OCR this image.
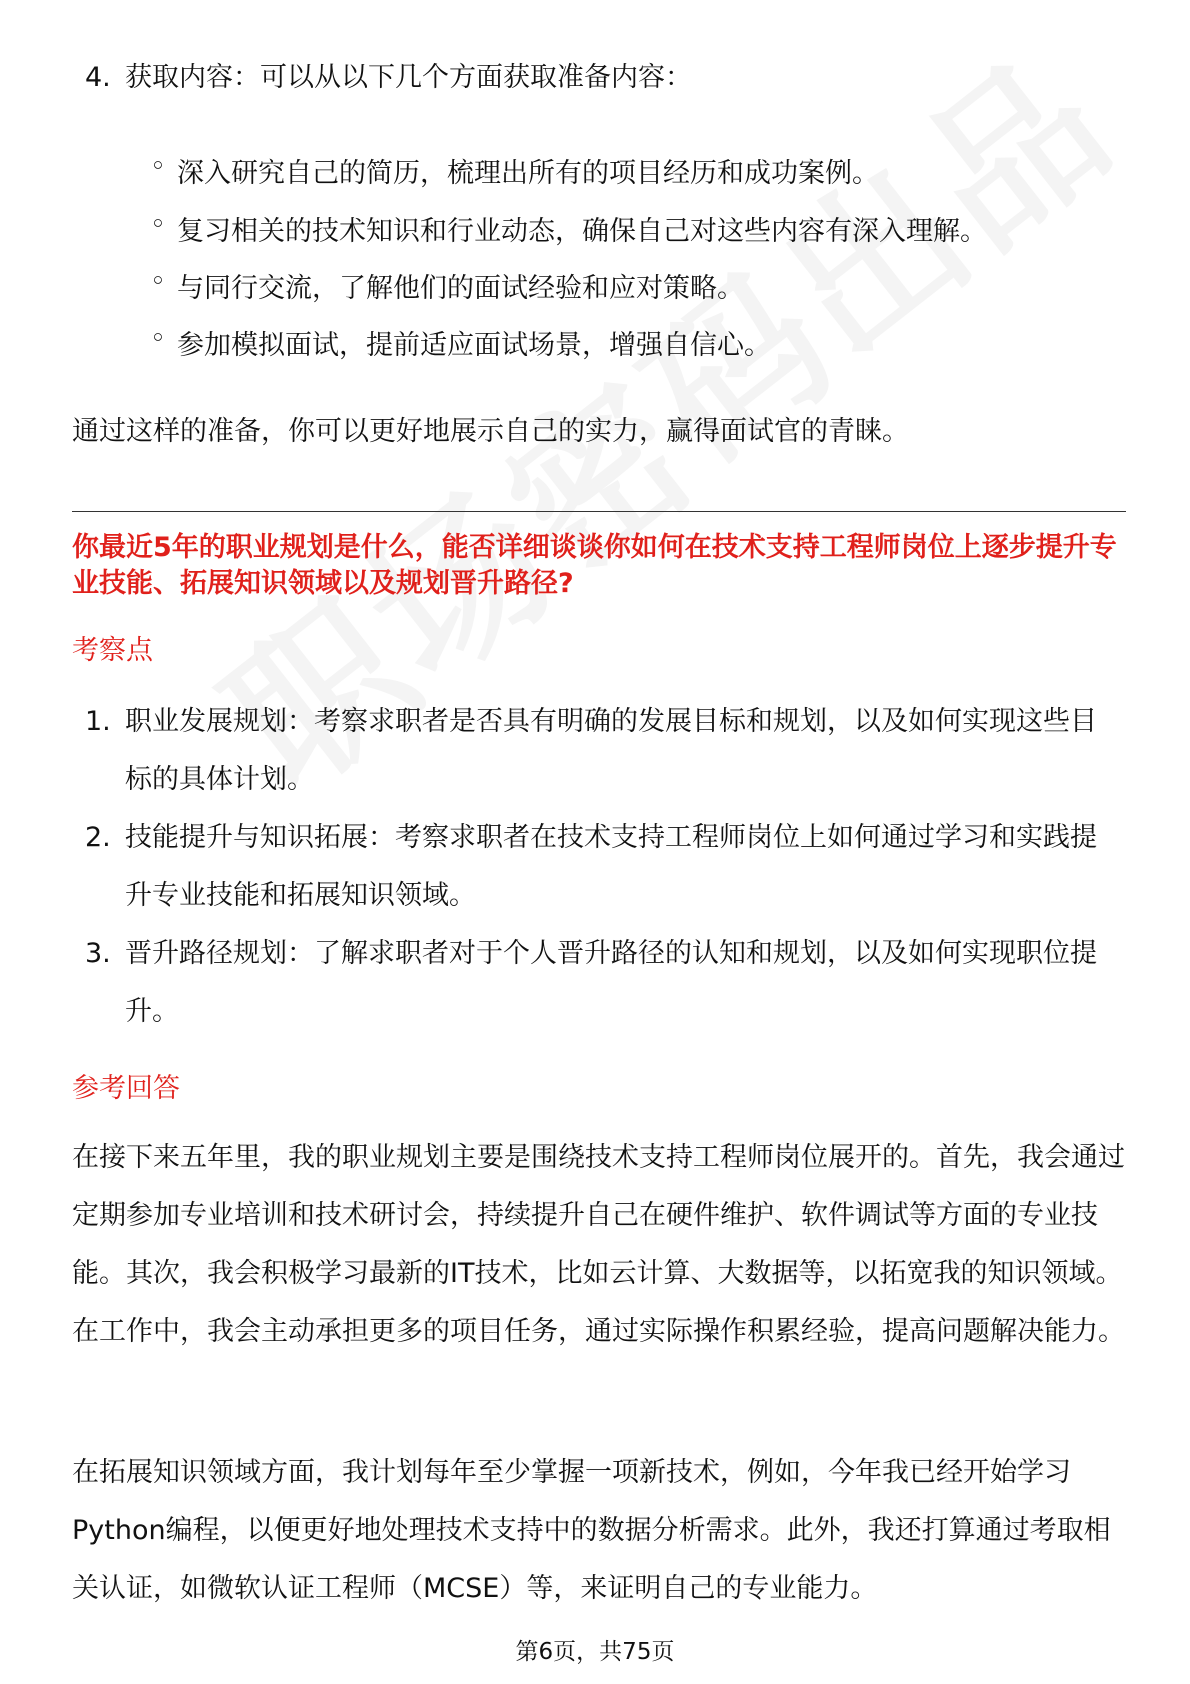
4. 获取内容：可以从以下几个方面获取准备内容：
◦ 深入研究自己的简历，梳理出所有的项目经历和成功案例。
◦ 复习相关的技术知识和行业动态，确保自己对这些内容有深入理解。
◦ 与同行交流，了解他们的面试经验和应对策略。
◦ 参加模拟面试，提前适应面试场景，增强自信心。
通过这样的准备，你可以更好地展示自己的实力，赢得面试官的青睐。
你最近5年的职业规划是什么，能否详细谈谈你如何在技术支持工程师岗位上逐步提升专业技能、拓展知识领域以及规划晋升路径?
考察点
1. 职业发展规划：考察求职者是否具有明确的发展目标和规划，以及如何实现这些目标的具体计划。
2. 技能提升与知识拓展：考察求职者在技术支持工程师岗位上如何通过学习和实践提升专业技能和拓展知识领域。
3. 晋升路径规划：了解求职者对于个人晋升路径的认知和规划，以及如何实现职位提升。
参考回答
在接下来五年里，我的职业规划主要是围绕技术支持工程师岗位展开的。首先，我会通过定期参加专业培训和技术研讨会，持续提升自己在硬件维护、软件调试等方面的专业技能。其次，我会积极学习最新的IT技术，比如云计算、大数据等，以拓宽我的知识领域。在工作中，我会主动承担更多的项目任务，通过实际操作积累经验，提高问题解决能力。
在拓展知识领域方面，我计划每年至少掌握一项新技术，例如，今年我已经开始学习Python编程，以便更好地处理技术支持中的数据分析需求。此外，我还打算通过考取相关认证，如微软认证工程师（MCSE）等，来证明自己的专业能力。
第6页，共75页
